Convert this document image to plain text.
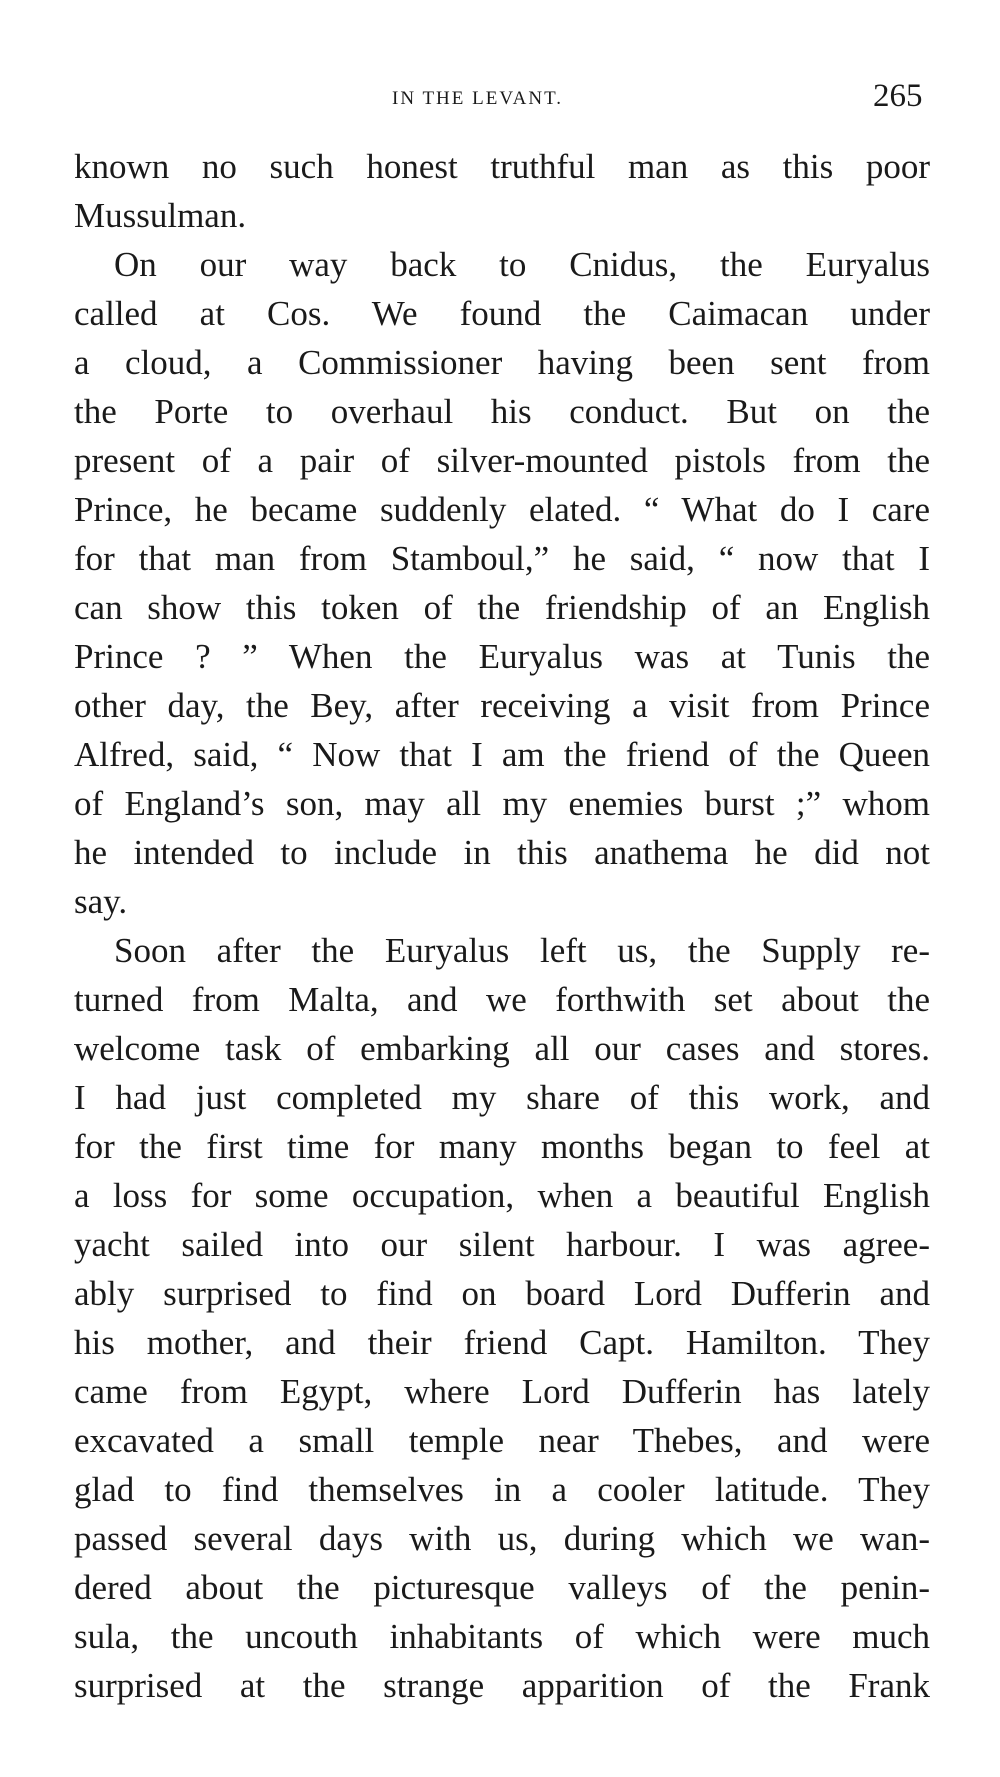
IN THE LEVANT.	265
known no such honest truthful man as this poor
Mussulman.
On our way back to Cnidus, the Euryalus
called at Cos. We found the Caimacan under
a cloud, a Commissioner having been sent from
the Porte to overhaul his conduct. But on the
present of a pair of silver-mounted pistols from the
Prince, he became suddenly elated. “ What do I care
for that man from Stamboul,” he said, “ now that I
can show this token of the friendship of an English
Prince ? ” When the Euryalus was at Tunis the
other day, the Bey, after receiving a visit from Prince
Alfred, said, “ Now that I am the friend of the Queen
of England’s son, may all my enemies burst ;” whom
he intended to include in this anathema he did not
say.
Soon after the Euryalus left us, the Supply re-
turned from Malta, and we forthwith set about the
welcome task of embarking all our cases and stores.
I had just completed my share of this work, and
for the first time for many months began to feel at
a loss for some occupation, when a beautiful English
yacht sailed into our silent harbour. I was agree-
ably surprised to find on board Lord Dufferin and
his mother, and their friend Capt. Hamilton. They
came from Egypt, where Lord Dufferin has lately
excavated a small temple near Thebes, and were
glad to find themselves in a cooler latitude. They
passed several days with us, during which we wan-
dered about the picturesque valleys of the penin-
sula, the uncouth inhabitants of which were much
surprised at the strange apparition of the Frank
